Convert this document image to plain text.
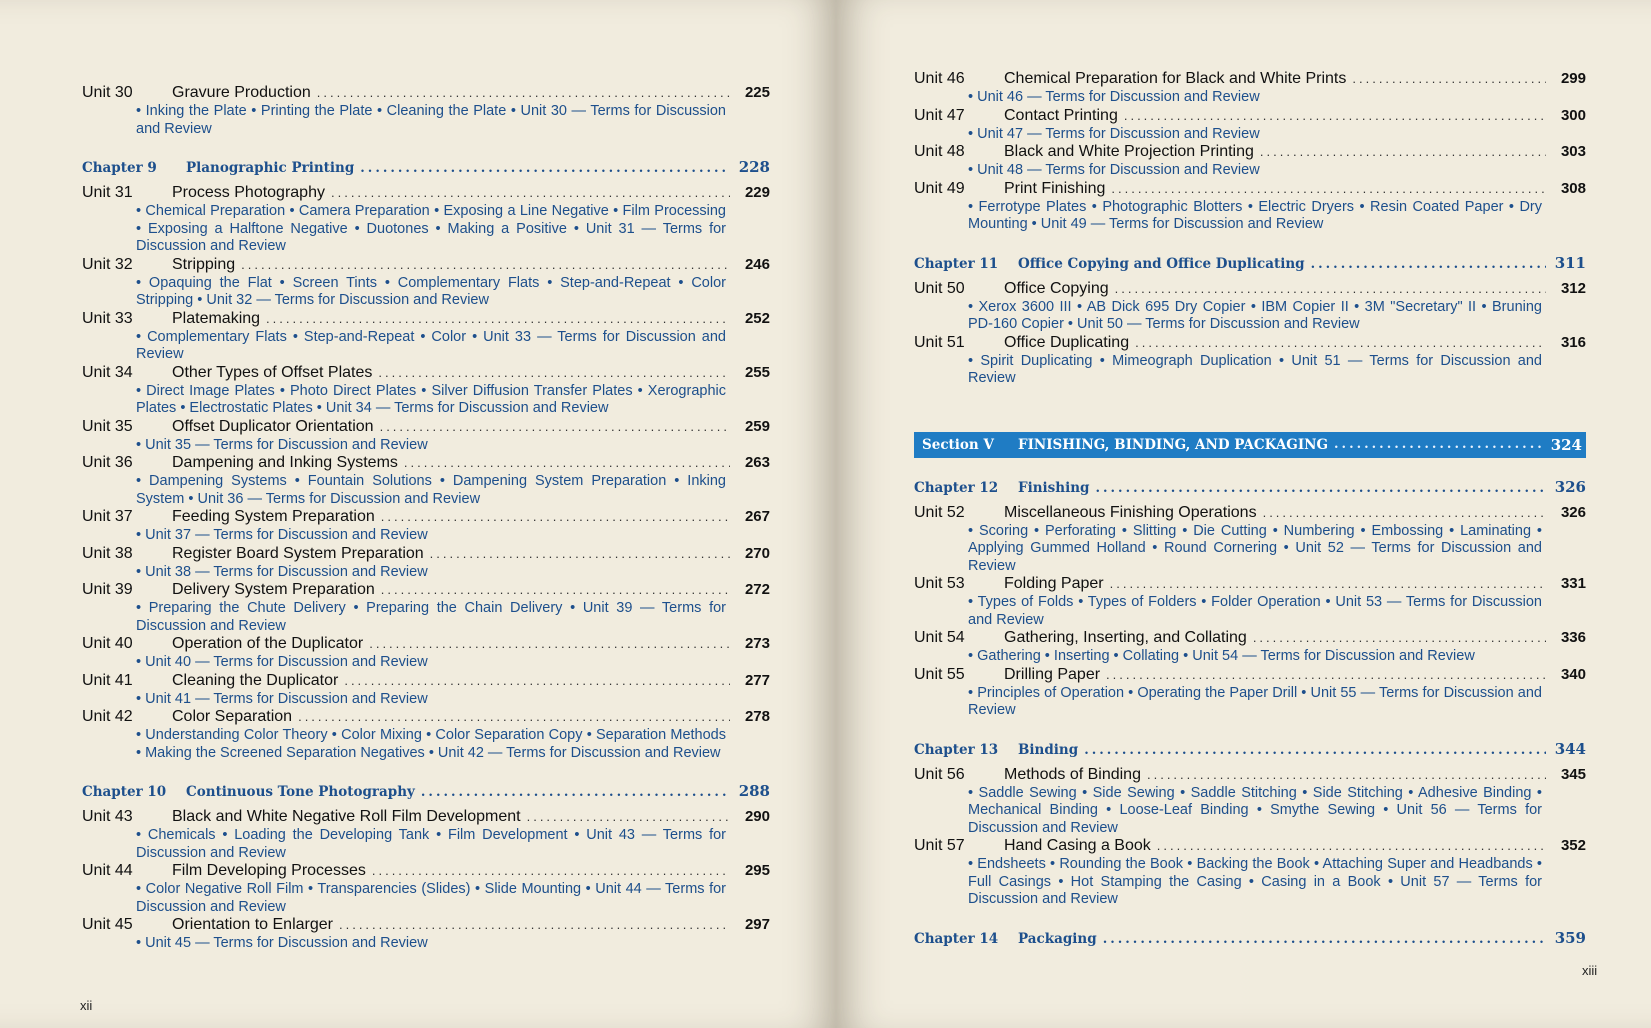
Unit 30	Gravure Production .....	225
• Inking the Plate • Printing the Plate • Cleaning the Plate • Unit 30 — Terms for Discussion and Review
Chapter 9	Planographic Printing .....	228
Unit 31	Process Photography .....	229
• Chemical Preparation • Camera Preparation • Exposing a Line Negative • Film Processing • Exposing a Halftone Negative • Duotones • Making a Positive • Unit 31 — Terms for Discussion and Review
Unit 32	Stripping .....	246
• Opaquing the Flat • Screen Tints • Complementary Flats • Step-and-Repeat • Color Stripping • Unit 32 — Terms for Discussion and Review
Unit 33	Platemaking .....	252
• Complementary Flats • Step-and-Repeat • Color • Unit 33 — Terms for Discussion and Review
Unit 34	Other Types of Offset Plates .....	255
• Direct Image Plates • Photo Direct Plates • Silver Diffusion Transfer Plates • Xerographic Plates • Electrostatic Plates • Unit 34 — Terms for Discussion and Review
Unit 35	Offset Duplicator Orientation .....	259
• Unit 35 — Terms for Discussion and Review
Unit 36	Dampening and Inking Systems .....	263
• Dampening Systems • Fountain Solutions • Dampening System Preparation • Inking System • Unit 36 — Terms for Discussion and Review
Unit 37	Feeding System Preparation .....	267
• Unit 37 — Terms for Discussion and Review
Unit 38	Register Board System Preparation .....	270
• Unit 38 — Terms for Discussion and Review
Unit 39	Delivery System Preparation .....	272
• Preparing the Chute Delivery • Preparing the Chain Delivery • Unit 39 — Terms for Discussion and Review
Unit 40	Operation of the Duplicator .....	273
• Unit 40 — Terms for Discussion and Review
Unit 41	Cleaning the Duplicator .....	277
• Unit 41 — Terms for Discussion and Review
Unit 42	Color Separation .....	278
• Understanding Color Theory • Color Mixing • Color Separation Copy • Separation Methods • Making the Screened Separation Negatives • Unit 42 — Terms for Discussion and Review
Chapter 10	Continuous Tone Photography .....	288
Unit 43	Black and White Negative Roll Film Development .....	290
• Chemicals • Loading the Developing Tank • Film Development • Unit 43 — Terms for Discussion and Review
Unit 44	Film Developing Processes .....	295
• Color Negative Roll Film • Transparencies (Slides) • Slide Mounting • Unit 44 — Terms for Discussion and Review
Unit 45	Orientation to Enlarger .....	297
• Unit 45 — Terms for Discussion and Review
xii
Unit 46	Chemical Preparation for Black and White Prints .....	299
• Unit 46 — Terms for Discussion and Review
Unit 47	Contact Printing .....	300
• Unit 47 — Terms for Discussion and Review
Unit 48	Black and White Projection Printing .....	303
• Unit 48 — Terms for Discussion and Review
Unit 49	Print Finishing .....	308
• Ferrotype Plates • Photographic Blotters • Electric Dryers • Resin Coated Paper • Dry Mounting • Unit 49 — Terms for Discussion and Review
Chapter 11	Office Copying and Office Duplicating .....	311
Unit 50	Office Copying .....	312
• Xerox 3600 III • AB Dick 695 Dry Copier • IBM Copier II • 3M "Secretary" II • Bruning PD-160 Copier • Unit 50 — Terms for Discussion and Review
Unit 51	Office Duplicating .....	316
• Spirit Duplicating • Mimeograph Duplication • Unit 51 — Terms for Discussion and Review
Section V	FINISHING, BINDING, AND PACKAGING .....	324
Chapter 12	Finishing .....	326
Unit 52	Miscellaneous Finishing Operations .....	326
• Scoring • Perforating • Slitting • Die Cutting • Numbering • Embossing • Laminating • Applying Gummed Holland • Round Cornering • Unit 52 — Terms for Discussion and Review
Unit 53	Folding Paper .....	331
• Types of Folds • Types of Folders • Folder Operation • Unit 53 — Terms for Discussion and Review
Unit 54	Gathering, Inserting, and Collating .....	336
• Gathering • Inserting • Collating • Unit 54 — Terms for Discussion and Review
Unit 55	Drilling Paper .....	340
• Principles of Operation • Operating the Paper Drill • Unit 55 — Terms for Discussion and Review
Chapter 13	Binding .....	344
Unit 56	Methods of Binding .....	345
• Saddle Sewing • Side Sewing • Saddle Stitching • Side Stitching • Adhesive Binding • Mechanical Binding • Loose-Leaf Binding • Smythe Sewing • Unit 56 — Terms for Discussion and Review
Unit 57	Hand Casing a Book .....	352
• Endsheets • Rounding the Book • Backing the Book • Attaching Super and Headbands • Full Casings • Hot Stamping the Casing • Casing in a Book • Unit 57 — Terms for Discussion and Review
Chapter 14	Packaging .....	359
xiii
